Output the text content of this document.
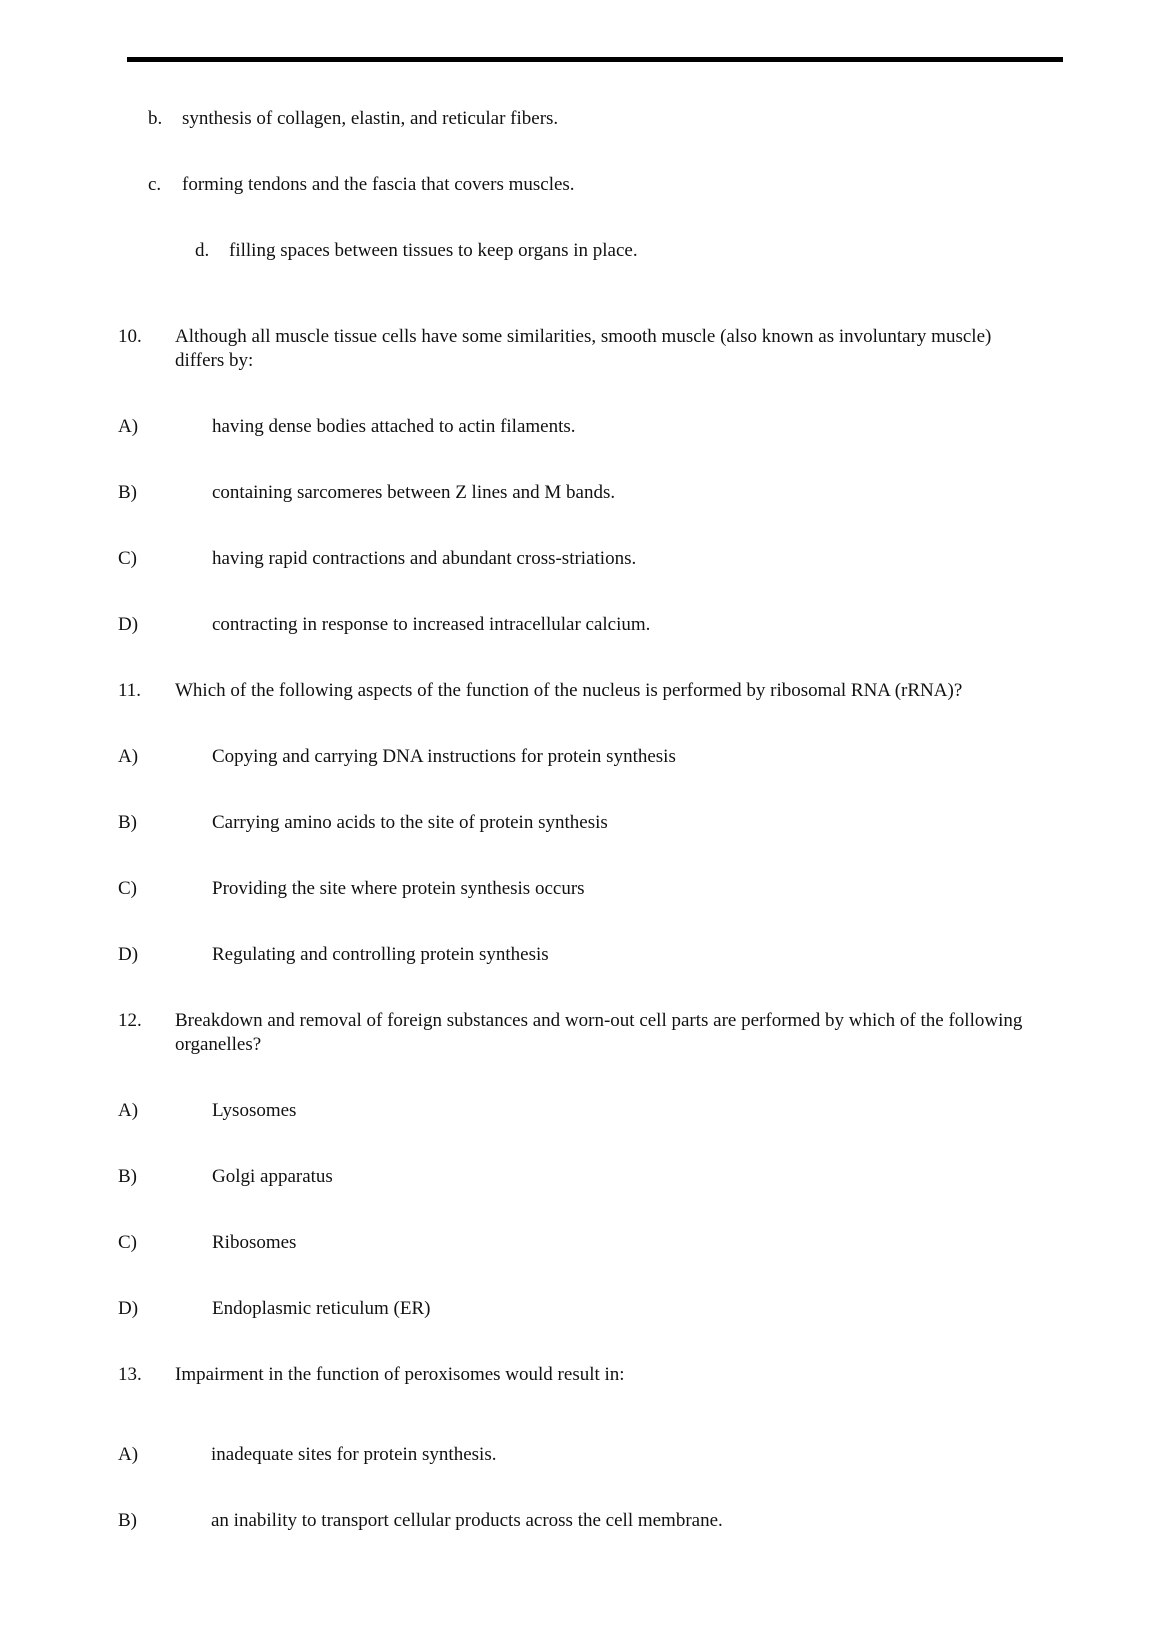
b. synthesis of collagen, elastin, and reticular fibers.
c. forming tendons and the fascia that covers muscles.
d. filling spaces between tissues to keep organs in place.
10. Although all muscle tissue cells have some similarities, smooth muscle (also known as involuntary muscle) differs by:
A)	having dense bodies attached to actin filaments.
B)	containing sarcomeres between Z lines and M bands.
C)	having rapid contractions and abundant cross-striations.
D)	contracting in response to increased intracellular calcium.
11. Which of the following aspects of the function of the nucleus is performed by ribosomal RNA (rRNA)?
A)	Copying and carrying DNA instructions for protein synthesis
B)	Carrying amino acids to the site of protein synthesis
C)	Providing the site where protein synthesis occurs
D)	Regulating and controlling protein synthesis
12. Breakdown and removal of foreign substances and worn-out cell parts are performed by which of the following organelles?
A)	Lysosomes
B)	Golgi apparatus
C)	Ribosomes
D)	Endoplasmic reticulum (ER)
13. Impairment in the function of peroxisomes would result in:
A)	inadequate sites for protein synthesis.
B)	an inability to transport cellular products across the cell membrane.
